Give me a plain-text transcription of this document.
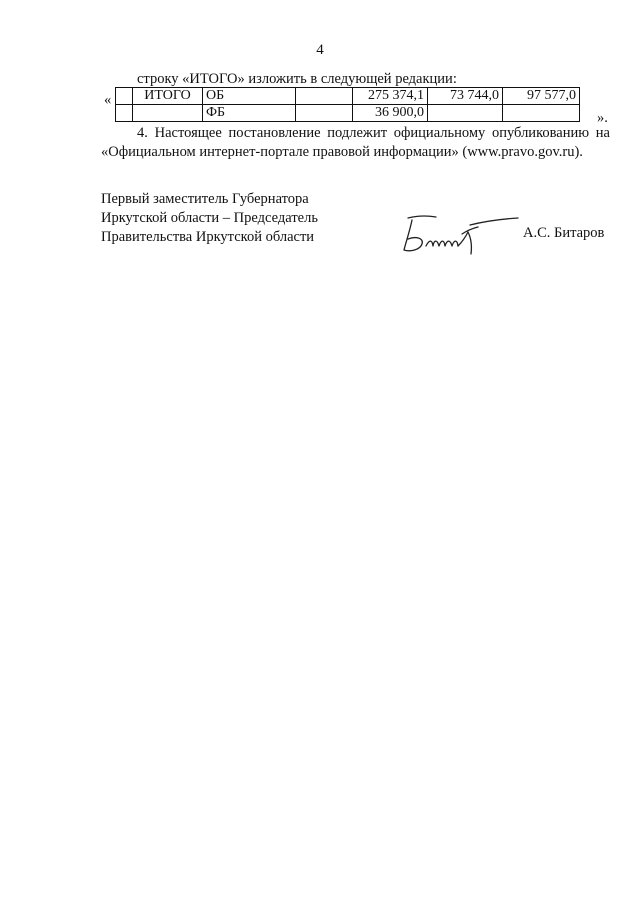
4
строку «ИТОГО» изложить в следующей редакции:
«
	ИТОГО	ОБ		275 374,1	73 744,0	97 577,0
		ФБ		36 900,0			».
4. Настоящее постановление подлежит официальному опубликованию на
«Официальном интернет-портале правовой информации» (www.pravo.gov.ru).
Первый заместитель Губернатора
Иркутской области – Председатель
Правительства Иркутской области	А.С. Битаров
